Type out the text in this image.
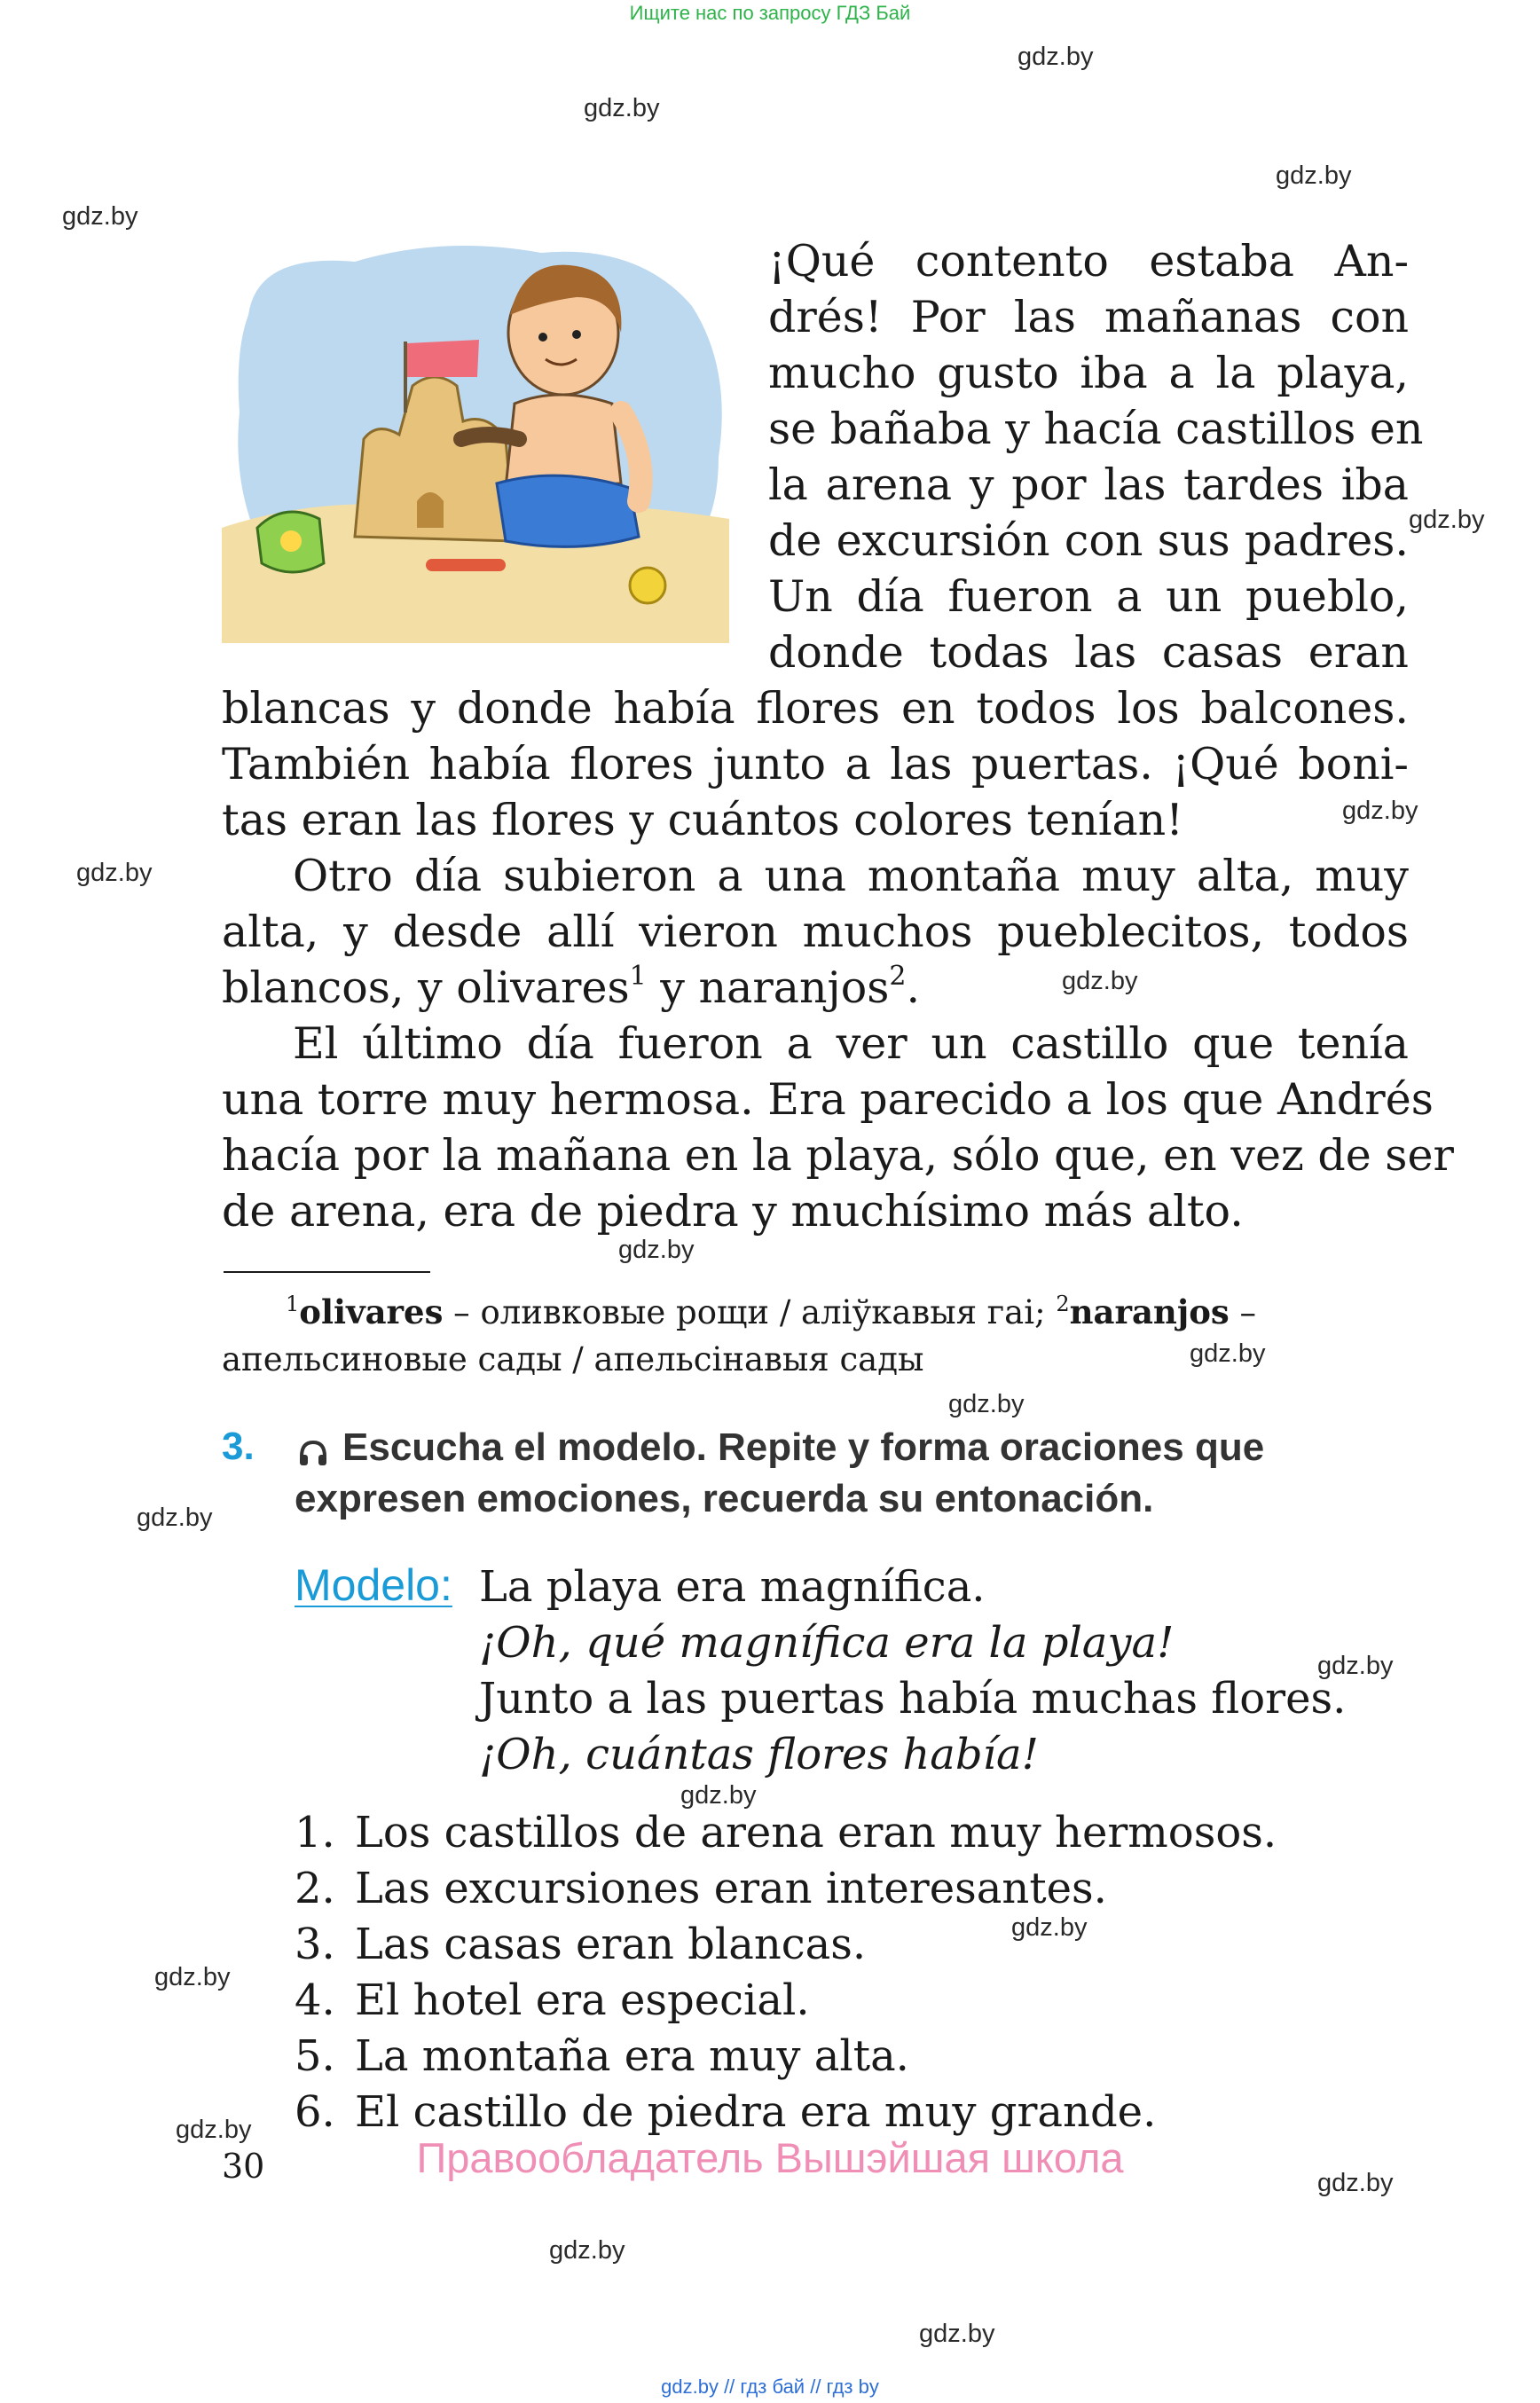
Ищите нас по запросу ГДЗ Бай
gdz.by
gdz.by
gdz.by
gdz.by
gdz.by
gdz.by
gdz.by
gdz.by
gdz.by
gdz.by
gdz.by
gdz.by
gdz.by
gdz.by
gdz.by
gdz.by
gdz.by
gdz.by
gdz.by
gdz.by
¡Qué contento estaba An-
drés! Por las mañanas con
mucho gusto iba a la playa,
se bañaba y hacía castillos en
la arena y por las tardes iba
de excursión con sus padres.
Un día fueron a un pueblo,
donde todas las casas eran
blancas y donde había flores en todos los balcones.
También había flores junto a las puertas. ¡Qué boni-
tas eran las flores y cuántos colores tenían!
Otro día subieron a una montaña muy alta, muy
alta, y desde allí vieron muchos pueblecitos, todos
blancos, y olivares$^1$ y naranjos$^2$.
El último día fueron a ver un castillo que tenía
una torre muy hermosa. Era parecido a los que Andrés
hacía por la mañana en la playa, sólo que, en vez de ser
de arena, era de piedra y muchísimo más alto.
$^1$olivares – оливковые рощи / аліўкавыя гаі; $^2$naranjos –
апельсиновые сады / апельсінавыя сады
3. Escucha el modelo. Repite y forma oraciones que
expresen emociones, recuerda su entonación.
Modelo: La playa era magnífica.
¡Oh, qué magnífica era la playa!
Junto a las puertas había muchas flores.
¡Oh, cuántas flores había!
1. Los castillos de arena eran muy hermosos.
2. Las excursiones eran interesantes.
3. Las casas eran blancas.
4. El hotel era especial.
5. La montaña era muy alta.
6. El castillo de piedra era muy grande.
30	Правообладатель Вышэйшая школа
gdz.by // гдз бай // гдз by
